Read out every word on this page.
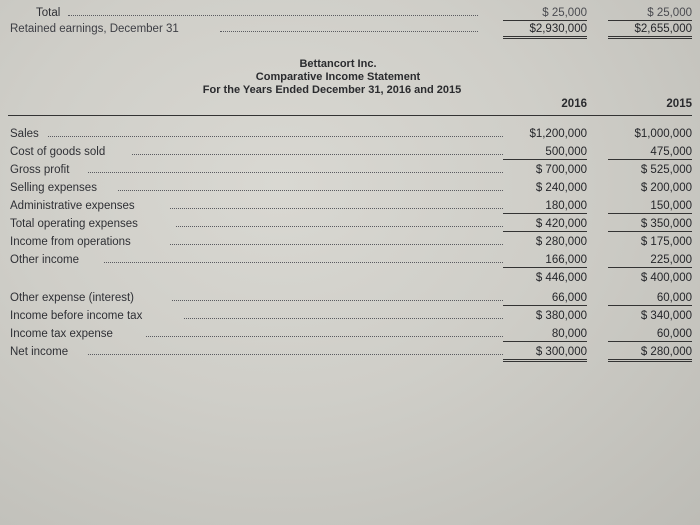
Total	$ 25,000	$ 25,000
Retained earnings, December 31	$2,930,000	$2,655,000
Bettancort Inc.
Comparative Income Statement
For the Years Ended December 31, 2016 and 2015
2016	2015
Sales	$1,200,000	$1,000,000
Cost of goods sold	500,000	475,000
Gross profit	$ 700,000	$ 525,000
Selling expenses	$ 240,000	$ 200,000
Administrative expenses	180,000	150,000
Total operating expenses	$ 420,000	$ 350,000
Income from operations	$ 280,000	$ 175,000
Other income	166,000	225,000
$ 446,000	$ 400,000
Other expense (interest)	66,000	60,000
Income before income tax	$ 380,000	$ 340,000
Income tax expense	80,000	60,000
Net income	$ 300,000	$ 280,000
